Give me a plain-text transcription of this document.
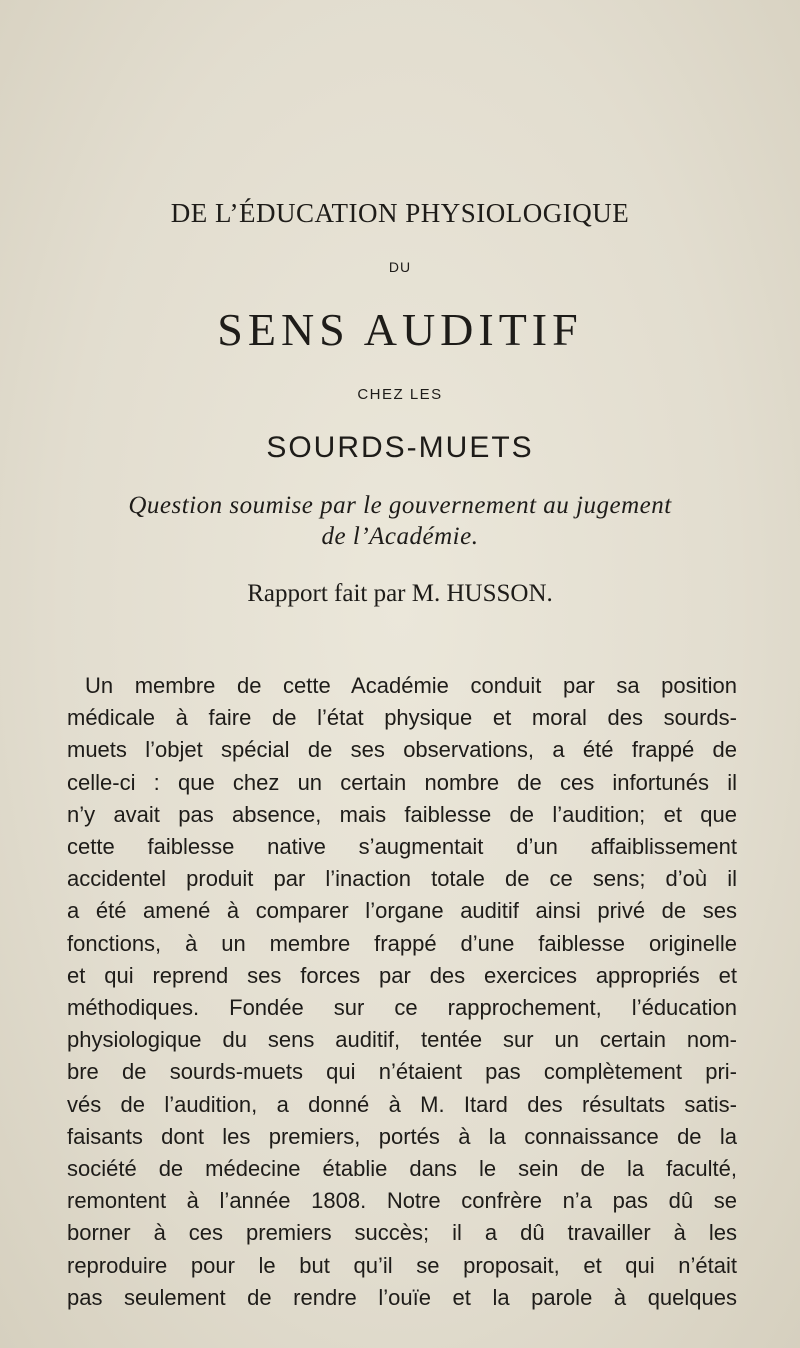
DE L’ÉDUCATION PHYSIOLOGIQUE
DU
SENS AUDITIF
CHEZ LES
SOURDS-MUETS
Question soumise par le gouvernement au jugement
de l’Académie.
Rapport fait par M. HUSSON.
Un membre de cette Académie conduit par sa position
médicale à faire de l’état physique et moral des sourds-
muets l’objet spécial de ses observations, a été frappé de
celle-ci : que chez un certain nombre de ces infortunés il
n’y avait pas absence, mais faiblesse de l’audition; et que
cette faiblesse native s’augmentait d’un affaiblissement
accidentel produit par l’inaction totale de ce sens; d’où il
a été amené à comparer l’organe auditif ainsi privé de ses
fonctions, à un membre frappé d’une faiblesse originelle
et qui reprend ses forces par des exercices appropriés et
méthodiques. Fondée sur ce rapprochement, l’éducation
physiologique du sens auditif, tentée sur un certain nom-
bre de sourds-muets qui n’étaient pas complètement pri-
vés de l’audition, a donné à M. Itard des résultats satis-
faisants dont les premiers, portés à la connaissance de la
société de médecine établie dans le sein de la faculté,
remontent à l’année 1808. Notre confrère n’a pas dû se
borner à ces premiers succès; il a dû travailler à les
reproduire pour le but qu’il se proposait, et qui n’était
pas seulement de rendre l’ouïe et la parole à quelques
